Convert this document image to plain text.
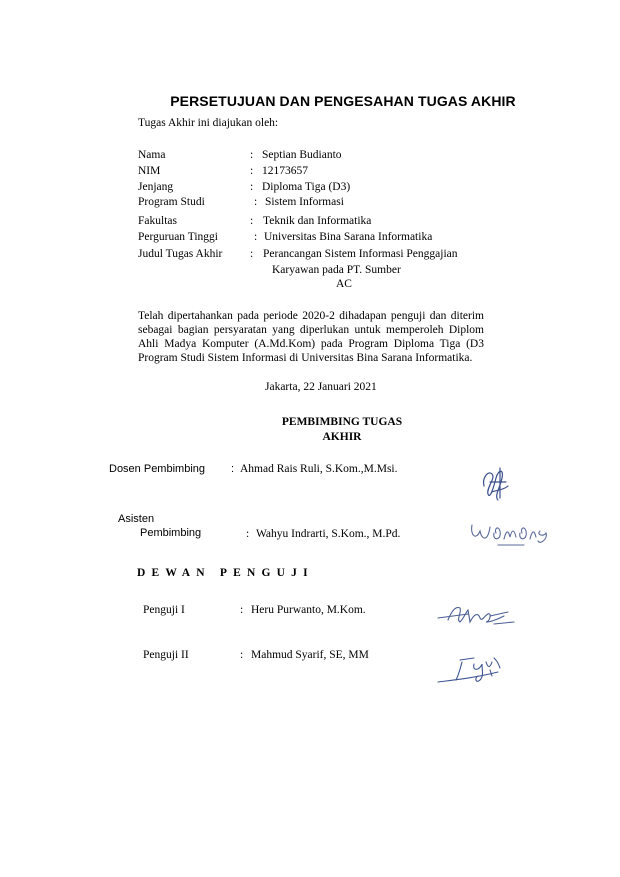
PERSETUJUAN DAN PENGESAHAN TUGAS AKHIR
Tugas Akhir ini diajukan oleh:
Nama	: Septian Budianto
NIM	: 12173657
Jenjang	: Diploma Tiga (D3)
Program Studi	: Sistem Informasi
Fakultas	: Teknik dan Informatika
Perguruan Tinggi	: Universitas Bina Sarana Informatika
Judul Tugas Akhir : Perancangan Sistem Informasi Penggajian
Karyawan pada PT. Sumber
AC
Telah dipertahankan pada periode 2020-2 dihadapan penguji dan diterim
sebagai bagian persyaratan yang diperlukan untuk memperoleh Diplom
Ahli Madya Komputer (A.Md.Kom) pada Program Diploma Tiga (D3
Program Studi Sistem Informasi di Universitas Bina Sarana Informatika.
Jakarta, 22 Januari 2021
PEMBIMBING TUGAS
AKHIR
Dosen Pembimbing : Ahmad Rais Ruli, S.Kom.,M.Msi.
Asisten
Pembimbing	: Wahyu Indrarti, S.Kom., M.Pd.
DEWAN PENGUJI
Penguji I	: Heru Purwanto, M.Kom.
Penguji II	: Mahmud Syarif, SE, MM
